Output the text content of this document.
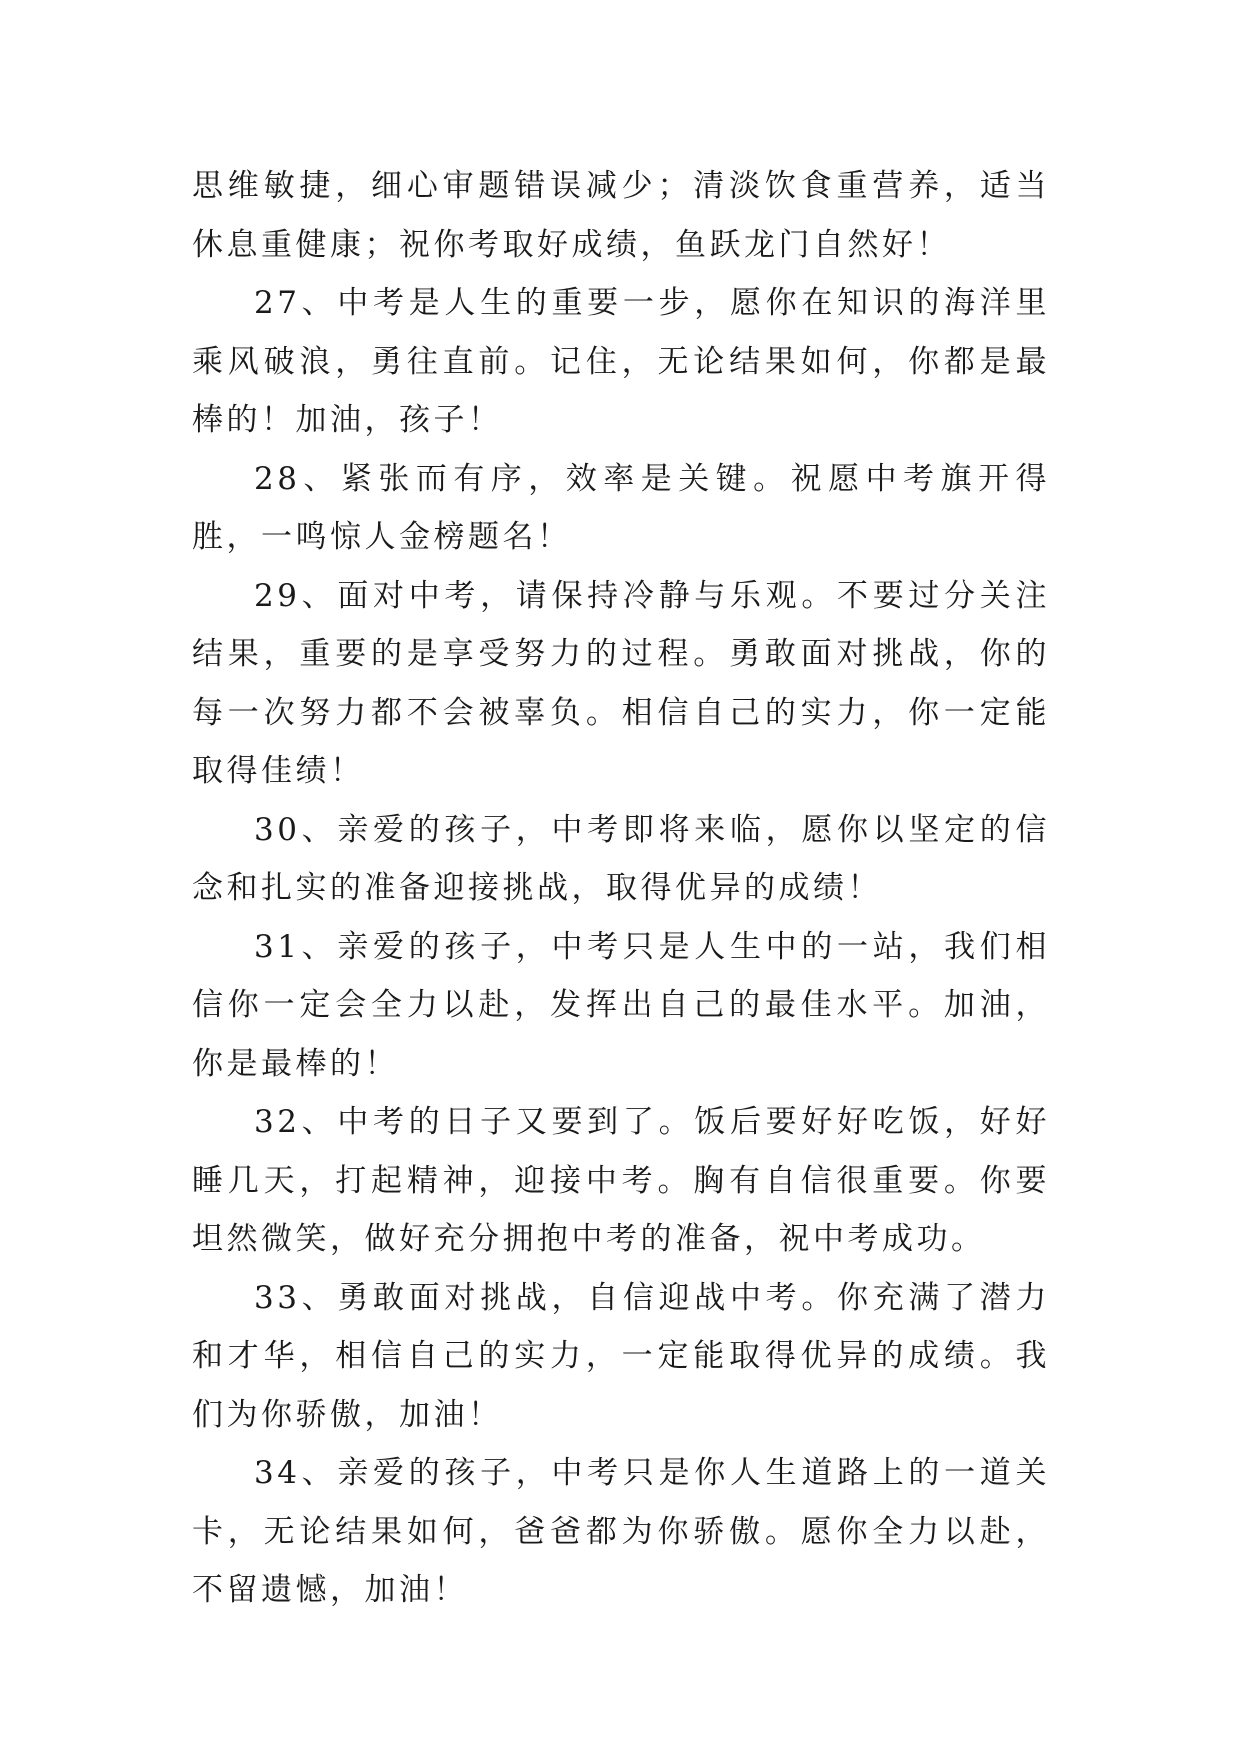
思维敏捷，细心审题错误减少；清淡饮食重营养，适当休息重健康；祝你考取好成绩，鱼跃龙门自然好！

27、中考是人生的重要一步，愿你在知识的海洋里乘风破浪，勇往直前。记住，无论结果如何，你都是最棒的！加油，孩子！

28、紧张而有序，效率是关键。祝愿中考旗开得胜，一鸣惊人金榜题名！

29、面对中考，请保持冷静与乐观。不要过分关注结果，重要的是享受努力的过程。勇敢面对挑战，你的每一次努力都不会被辜负。相信自己的实力，你一定能取得佳绩！

30、亲爱的孩子，中考即将来临，愿你以坚定的信念和扎实的准备迎接挑战，取得优异的成绩！

31、亲爱的孩子，中考只是人生中的一站，我们相信你一定会全力以赴，发挥出自己的最佳水平。加油，你是最棒的！

32、中考的日子又要到了。饭后要好好吃饭，好好睡几天，打起精神，迎接中考。胸有自信很重要。你要坦然微笑，做好充分拥抱中考的准备，祝中考成功。

33、勇敢面对挑战，自信迎战中考。你充满了潜力和才华，相信自己的实力，一定能取得优异的成绩。我们为你骄傲，加油！

34、亲爱的孩子，中考只是你人生道路上的一道关卡，无论结果如何，爸爸都为你骄傲。愿你全力以赴，不留遗憾，加油！
